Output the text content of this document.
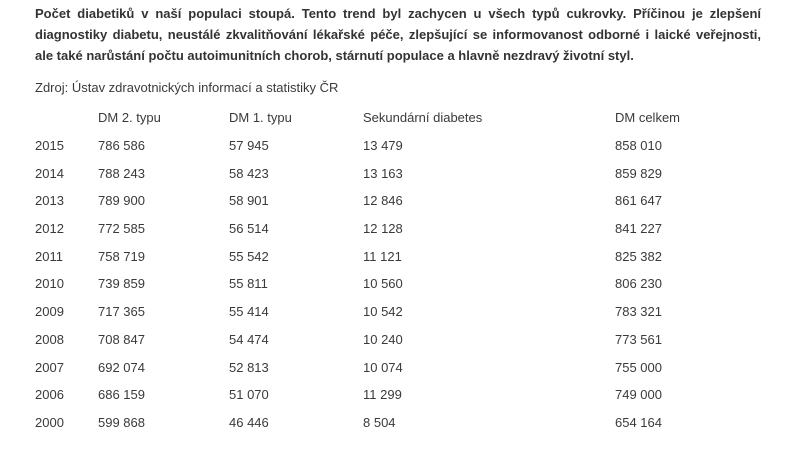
Počet diabetiků v naší populaci stoupá. Tento trend byl zachycen u všech typů cukrovky. Příčinou je zlepšení diagnostiky diabetu, neustálé zkvalitňování lékařské péče, zlepšující se informovanost odborné i laické veřejnosti, ale také narůstání počtu autoimunitních chorob, stárnutí populace a hlavně nezdravý životní styl.

Zdroj: Ústav zdravotnických informací a statistiky ČR

	DM 2. typu	DM 1. typu	Sekundární diabetes	DM celkem
2015	786 586	57 945	13 479	858 010
2014	788 243	58 423	13 163	859 829
2013	789 900	58 901	12 846	861 647
2012	772 585	56 514	12 128	841 227
2011	758 719	55 542	11 121	825 382
2010	739 859	55 811	10 560	806 230
2009	717 365	55 414	10 542	783 321
2008	708 847	54 474	10 240	773 561
2007	692 074	52 813	10 074	755 000
2006	686 159	51 070	11 299	749 000
2000	599 868	46 446	8 504	654 164
